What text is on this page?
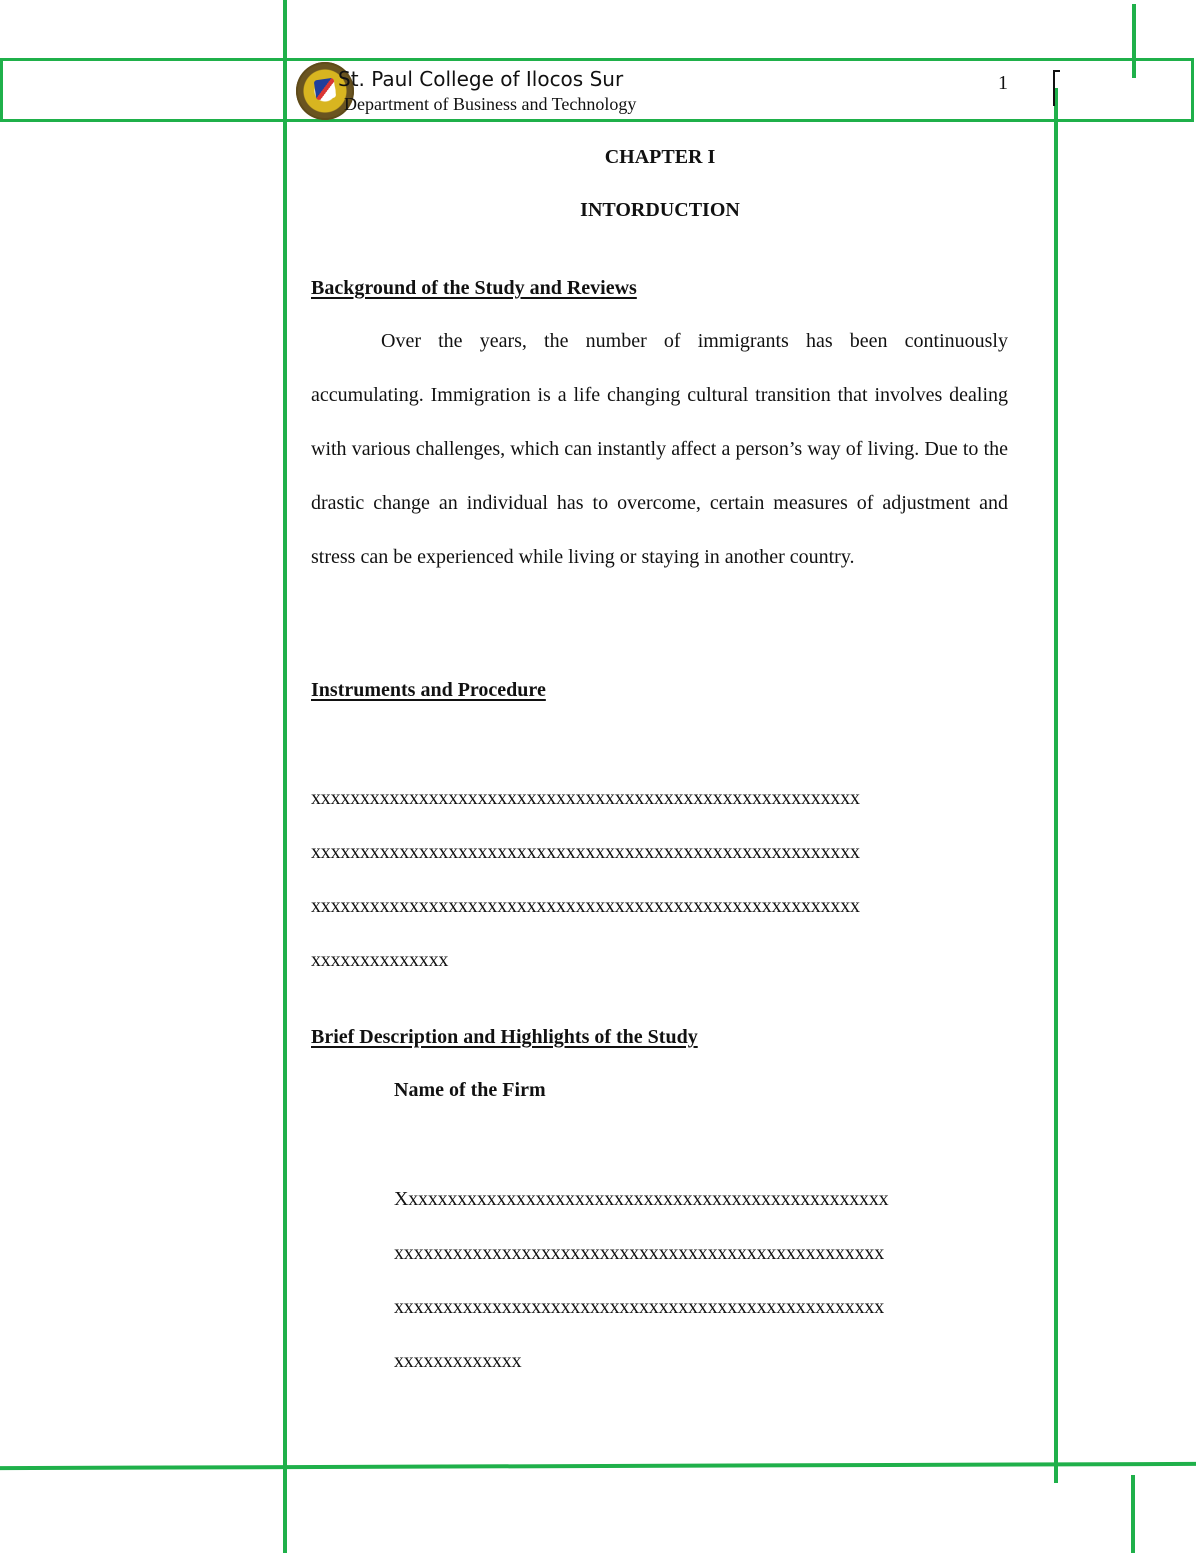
St. Paul College of Ilocos Sur
Department of Business and Technology
1
CHAPTER I
INTORDUCTION
Background of the Study and Reviews

Over the years, the number of immigrants has been continuously accumulating. Immigration is a life changing cultural transition that involves dealing with various challenges, which can instantly affect a person’s way of living. Due to the drastic change an individual has to overcome, certain measures of adjustment and stress can be experienced while living or staying in another country.

Instruments and Procedure
xxxxxxxxxxxxxxxxxxxxxxxxxxxxxxxxxxxxxxxxxxxxxxxxxxxxxxxx
xxxxxxxxxxxxxxxxxxxxxxxxxxxxxxxxxxxxxxxxxxxxxxxxxxxxxxxx
xxxxxxxxxxxxxxxxxxxxxxxxxxxxxxxxxxxxxxxxxxxxxxxxxxxxxxxx
xxxxxxxxxxxxxx
Brief Description and Highlights of the Study
Name of the Firm
Xxxxxxxxxxxxxxxxxxxxxxxxxxxxxxxxxxxxxxxxxxxxxxxxxx
xxxxxxxxxxxxxxxxxxxxxxxxxxxxxxxxxxxxxxxxxxxxxxxxxx
xxxxxxxxxxxxxxxxxxxxxxxxxxxxxxxxxxxxxxxxxxxxxxxxxx
xxxxxxxxxxxxx
